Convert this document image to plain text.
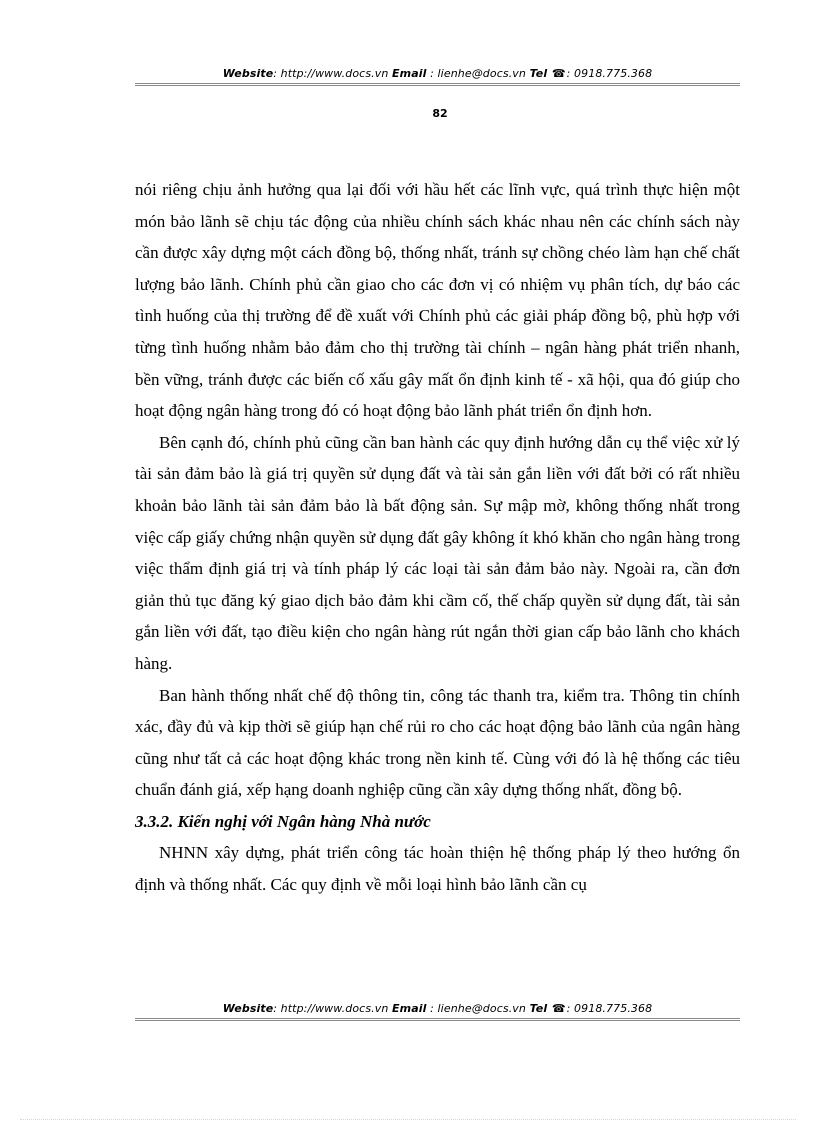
Website: http://www.docs.vn Email : lienhe@docs.vn Tel ☎: 0918.775.368
82

nói riêng chịu ảnh hưởng qua lại đối với hầu hết các lĩnh vực, quá trình thực hiện một món bảo lãnh sẽ chịu tác động của nhiều chính sách khác nhau nên các chính sách này cần được xây dựng một cách đồng bộ, thống nhất, tránh sự chồng chéo làm hạn chế chất lượng bảo lãnh. Chính phủ cần giao cho các đơn vị có nhiệm vụ phân tích, dự báo các tình huống của thị trường để đề xuất với Chính phủ các giải pháp đồng bộ, phù hợp với từng tình huống nhằm bảo đảm cho thị trường tài chính – ngân hàng phát triển nhanh, bền vững, tránh được các biến cố xấu gây mất ổn định kinh tế - xã hội, qua đó giúp cho hoạt động ngân hàng trong đó có hoạt động bảo lãnh phát triển ổn định hơn.

Bên cạnh đó, chính phủ cũng cần ban hành các quy định hướng dẫn cụ thể việc xử lý tài sản đảm bảo là giá trị quyền sử dụng đất và tài sản gắn liền với đất bởi có rất nhiều khoản bảo lãnh tài sản đảm bảo là bất động sản. Sự mập mờ, không thống nhất trong việc cấp giấy chứng nhận quyền sử dụng đất gây không ít khó khăn cho ngân hàng trong việc thẩm định giá trị và tính pháp lý các loại tài sản đảm bảo này. Ngoài ra, cần đơn giản thủ tục đăng ký giao dịch bảo đảm khi cầm cố, thế chấp quyền sử dụng đất, tài sản gắn liền với đất, tạo điều kiện cho ngân hàng rút ngắn thời gian cấp bảo lãnh cho khách hàng.

Ban hành thống nhất chế độ thông tin, công tác thanh tra, kiểm tra. Thông tin chính xác, đầy đủ và kịp thời sẽ giúp hạn chế rủi ro cho các hoạt động bảo lãnh của ngân hàng cũng như tất cả các hoạt động khác trong nền kinh tế. Cùng với đó là hệ thống các tiêu chuẩn đánh giá, xếp hạng doanh nghiệp cũng cần xây dựng thống nhất, đồng bộ.

3.3.2. Kiến nghị với Ngân hàng Nhà nước

NHNN xây dựng, phát triển công tác hoàn thiện hệ thống pháp lý theo hướng ổn định và thống nhất. Các quy định về mỗi loại hình bảo lãnh cần cụ

Website: http://www.docs.vn Email : lienhe@docs.vn Tel ☎: 0918.775.368
